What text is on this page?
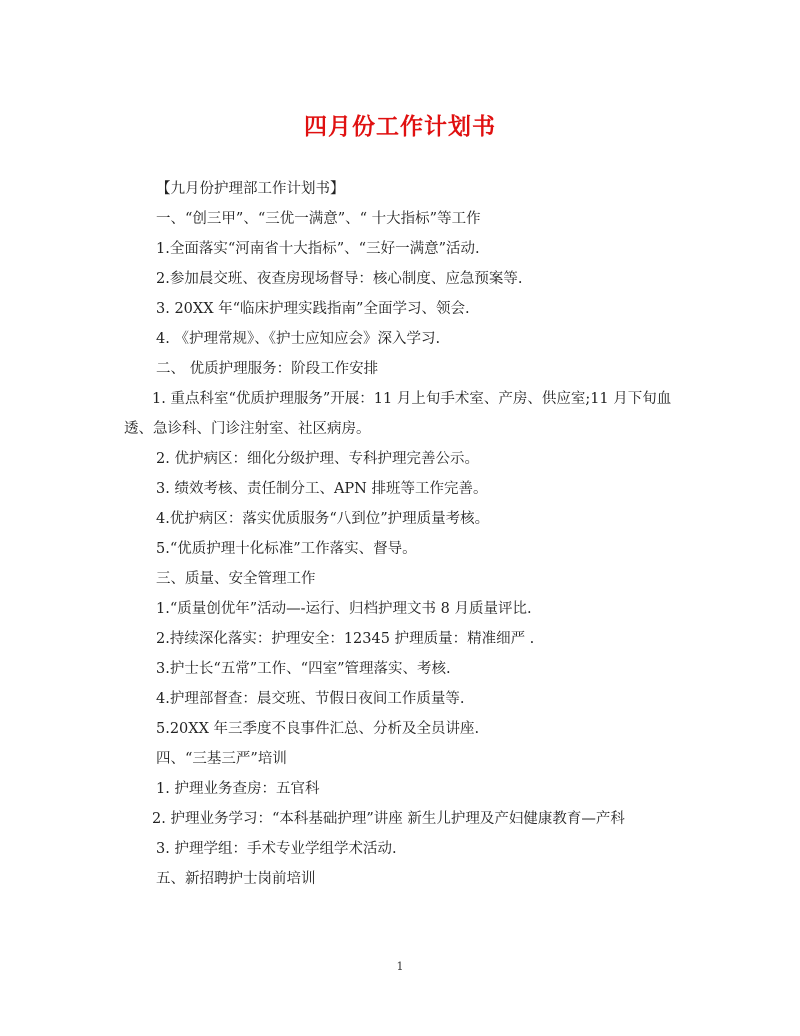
四月份工作计划书

【九月份护理部工作计划书】

一、“创三甲”、“三优一满意”、“ 十大指标”等工作

1.全面落实“河南省十大指标”、“三好一满意”活动.

2.参加晨交班、夜查房现场督导：核心制度、应急预案等.

3. 20XX 年“临床护理实践指南”全面学习、领会.

4. 《护理常规》、《护士应知应会》深入学习.

二、 优质护理服务：阶段工作安排

1. 重点科室“优质护理服务”开展：11 月上旬手术室、产房、供应室;11 月下旬血透、急诊科、门诊注射室、社区病房。

2. 优护病区：细化分级护理、专科护理完善公示。

3. 绩效考核、责任制分工、APN 排班等工作完善。

4.优护病区：落实优质服务“八到位”护理质量考核。

5.“优质护理十化标准”工作落实、督导。

三、质量、安全管理工作

1.“质量创优年”活动—-运行、归档护理文书 8 月质量评比.

2.持续深化落实：护理安全：12345 护理质量：精准细严 .

3.护士长“五常”工作、“四室”管理落实、考核.

4.护理部督查：晨交班、节假日夜间工作质量等.

5.20XX 年三季度不良事件汇总、分析及全员讲座.

四、“三基三严”培训

1. 护理业务查房：五官科

2. 护理业务学习：“本科基础护理”讲座 新生儿护理及产妇健康教育—产科

3. 护理学组：手术专业学组学术活动.

五、新招聘护士岗前培训

1
